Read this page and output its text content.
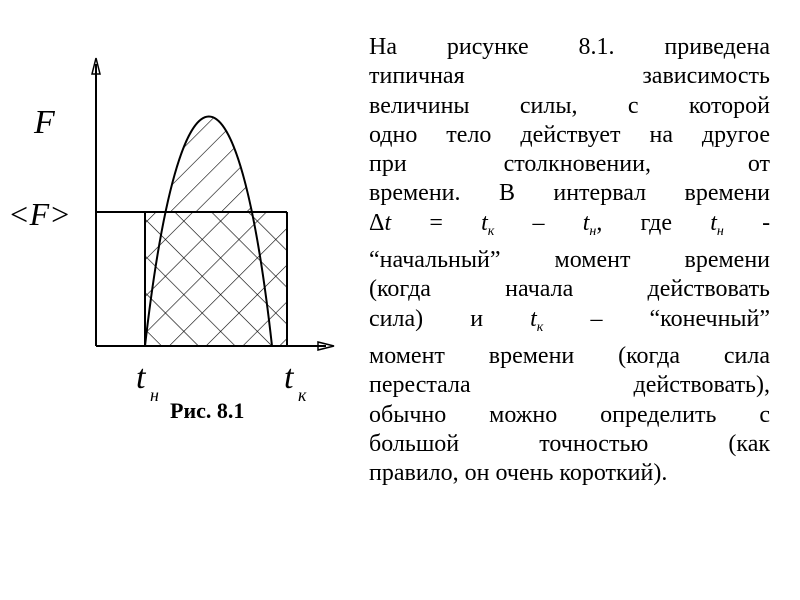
F
<F>
t н	t к
Рис. 8.1
На рисунке 8.1. приведена
типичная	зависимость
величины силы, с которой
одно тело действует на другое
при	столкновении,	от
времени. В интервал времени
$\Delta t = t_к - t_н$, где $t_н$ -
“начальный” момент времени
(когда	начала	действовать
сила) и $t_к$ – “конечный”
момент времени (когда сила
перестала	действовать),
обычно можно определить с
большой	точностью	(как
правило, он очень короткий).
